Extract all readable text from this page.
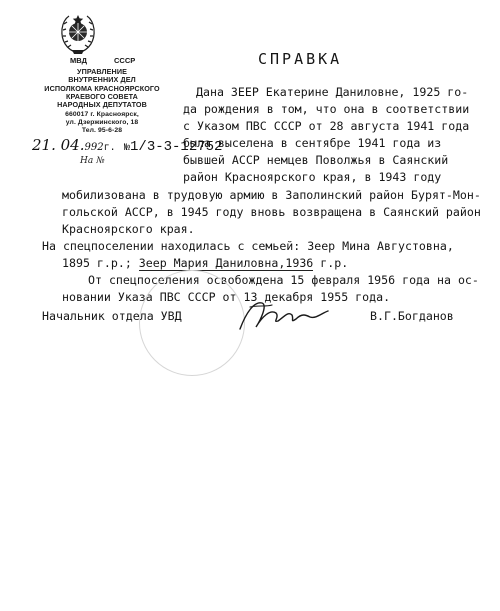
МВД	СССР
УПРАВЛЕНИЕ
ВНУТРЕННИХ ДЕЛ
ИСПОЛКОМА КРАСНОЯРСКОГО
КРАЕВОГО СОВЕТА
НАРОДНЫХ ДЕПУТАТОВ
660017 г. Красноярск,
ул. Дзержинского, 18
Тел. 95-6-28
21. 04.992г. №1/3-3-12752
На №
СПРАВКА
Дана ЗЕЕР Екатерине Даниловне, 1925 го-
да рождения в том, что она в соответствии
с Указом ПВС СССР от 28 августа 1941 года
была выселена в сентябре 1941 года из
бывшей АССР немцев Поволжья в Саянский
район Красноярского края, в 1943 году
мобилизована в трудовую армию в Заполинский район Бурят-Мон-
гольской АССР, в 1945 году вновь возвращена в Саянский район
Красноярского края.
На спецпоселении находилась с семьей: Зеер Мина Августовна,
1895 г.р.; Зеер Мария Даниловна,1936 г.р.
От спецпоселения освобождена 15 февраля 1956 года на ос-
новании Указа ПВС СССР от 13 декабря 1955 года.
Начальник отдела УВД	В.Г.Богданов
